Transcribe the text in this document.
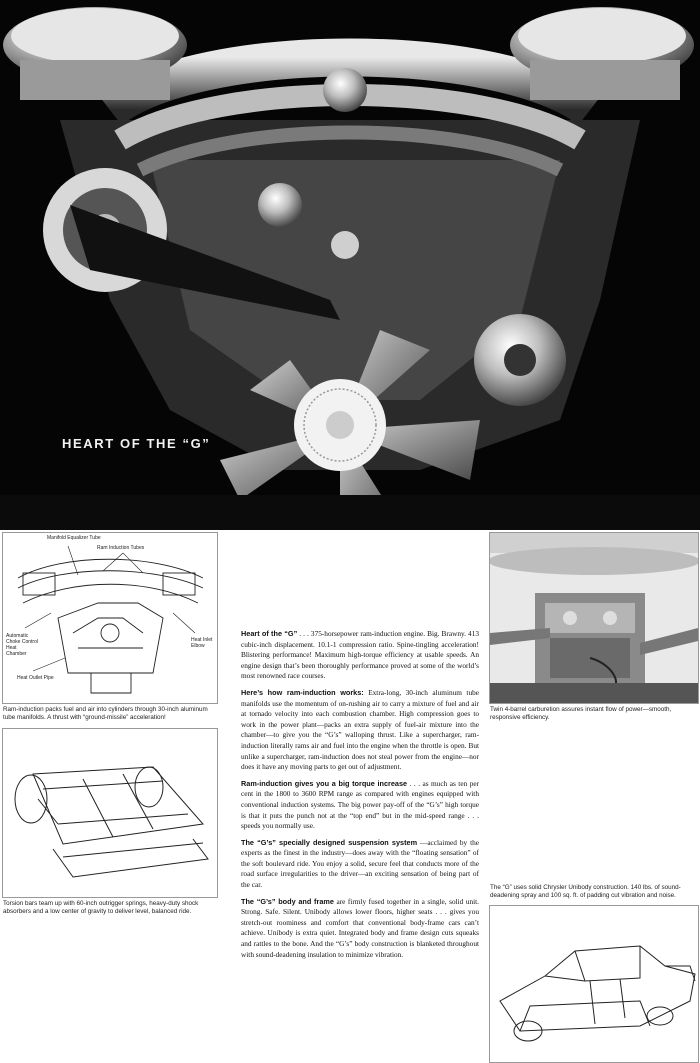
HEART OF THE “G”
Manifold Equalizer Tube
Ram Induction Tubes
Automatic Choke Control Heat Chamber
Heat Inlet Elbow
Heat Outlet Pipe
Ram-induction packs fuel and air into cylinders through 30-inch aluminum tube manifolds. A thrust with “ground-missile” acceleration!
Torsion bars team up with 60-inch outrigger springs, heavy-duty shock absorbers and a low center of gravity to deliver level, balanced ride.

Heart of the “G” . . . 375-horsepower ram-induction engine. Big. Brawny. 413 cubic-inch displacement. 10.1-1 compression ratio. Spine-tingling acceleration! Blistering performance! Maximum high-torque efficiency at usable speeds. An engine design that’s been thoroughly performance proved at some of the world’s most renowned race courses.

Here’s how ram-induction works: Extra-long, 30-inch aluminum tube manifolds use the momentum of on-rushing air to carry a mixture of fuel and air at tornado velocity into each combustion chamber. High compression goes to work in the power plant—packs an extra supply of fuel-air mixture into the chamber—to give you the “G’s” walloping thrust. Like a supercharger, ram-induction literally rams air and fuel into the engine when the throttle is open. But unlike a supercharger, ram-induction does not steal power from the engine—nor does it have any moving parts to get out of adjustment.

Ram-induction gives you a big torque increase . . . as much as ten per cent in the 1800 to 3600 RPM range as compared with engines equipped with conventional induction systems. The big power pay-off of the “G’s” high torque is that it puts the punch not at the “top end” but in the mid-speed range . . . speeds you normally use.

The “G’s” specially designed suspension system —acclaimed by the experts as the finest in the industry—does away with the “floating sensation” of the soft boulevard ride. You enjoy a solid, secure feel that conducts more of the road surface irregularities to the driver—an exciting sensation of being part of the car.

The “G’s” body and frame are firmly fused together in a single, solid unit. Strong. Safe. Silent. Unibody allows lower floors, higher seats . . . gives you stretch-out roominess and comfort that conventional body-frame cars can’t achieve. Unibody is extra quiet. Integrated body and frame design cuts squeaks and rattles to the bone. And the “G’s” body construction is blanketed throughout with sound-deadening insulation to minimize vibration.

Twin 4-barrel carburetion assures instant flow of power—smooth, responsive efficiency.
The “G” uses solid Chrysler Unibody construction. 140 lbs. of sound-deadening spray and 100 sq. ft. of padding cut vibration and noise.
